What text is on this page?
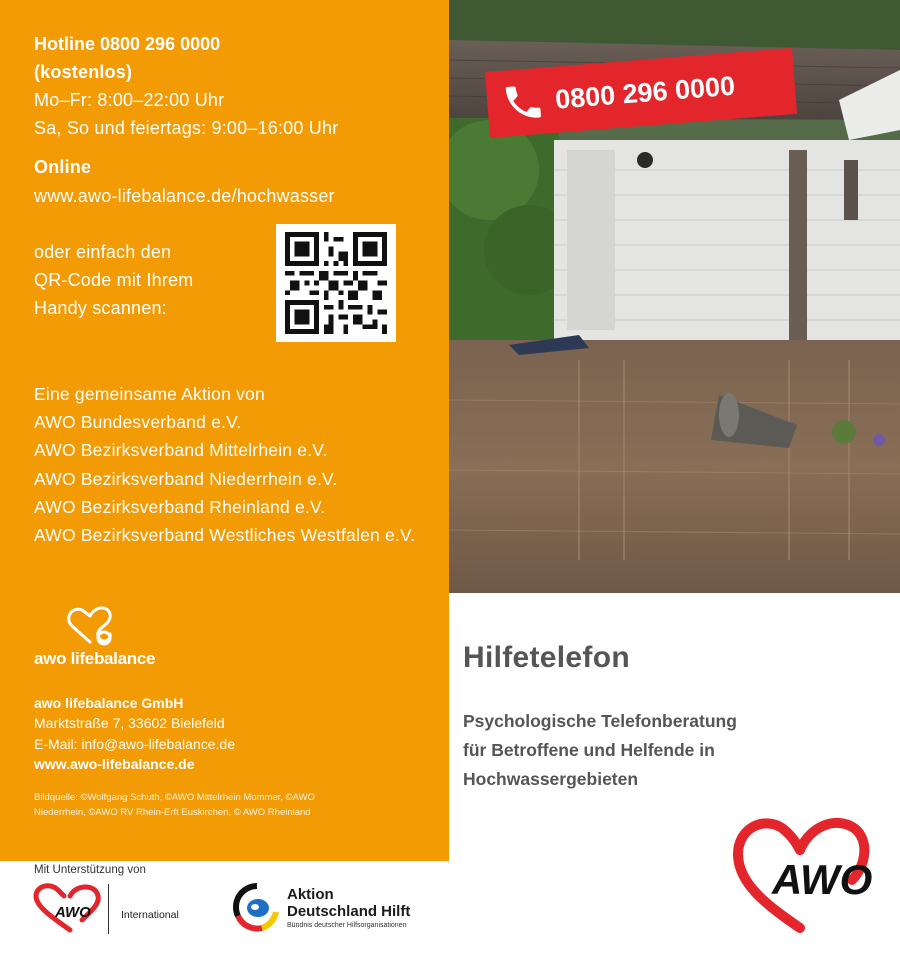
Hotline 0800 296 0000
(kostenlos)
Mo–Fr: 8:00–22:00 Uhr
Sa, So und feiertags: 9:00–16:00 Uhr
Online
www.awo-lifebalance.de/hochwasser
oder einfach den
QR-Code mit Ihrem
Handy scannen:
Eine gemeinsame Aktion von
AWO Bundesverband e.V.
AWO Bezirksverband Mittelrhein e.V.
AWO Bezirksverband Niederrhein e.V.
AWO Bezirksverband Rheinland e.V.
AWO Bezirksverband Westliches Westfalen e.V.
awo lifebalance
awo lifebalance GmbH
Marktstraße 7, 33602 Bielefeld
E-Mail: info@awo-lifebalance.de
www.awo-lifebalance.de
Bildquelle: ©Wolfgang Schuth, ©AWO Mittelrhein Mommer, ©AWO Niederrhein, ©AWO RV Rhein-Erft Euskirchen, © AWO Rheinland
Mit Unterstützung von
AWO	International
Aktion
Deutschland Hilft
Bündnis deutscher Hilfsorganisationen
0800 296 0000
Hilfetelefon
Psychologische Telefonberatung
für Betroffene und Helfende in
Hochwassergebieten
AWO
